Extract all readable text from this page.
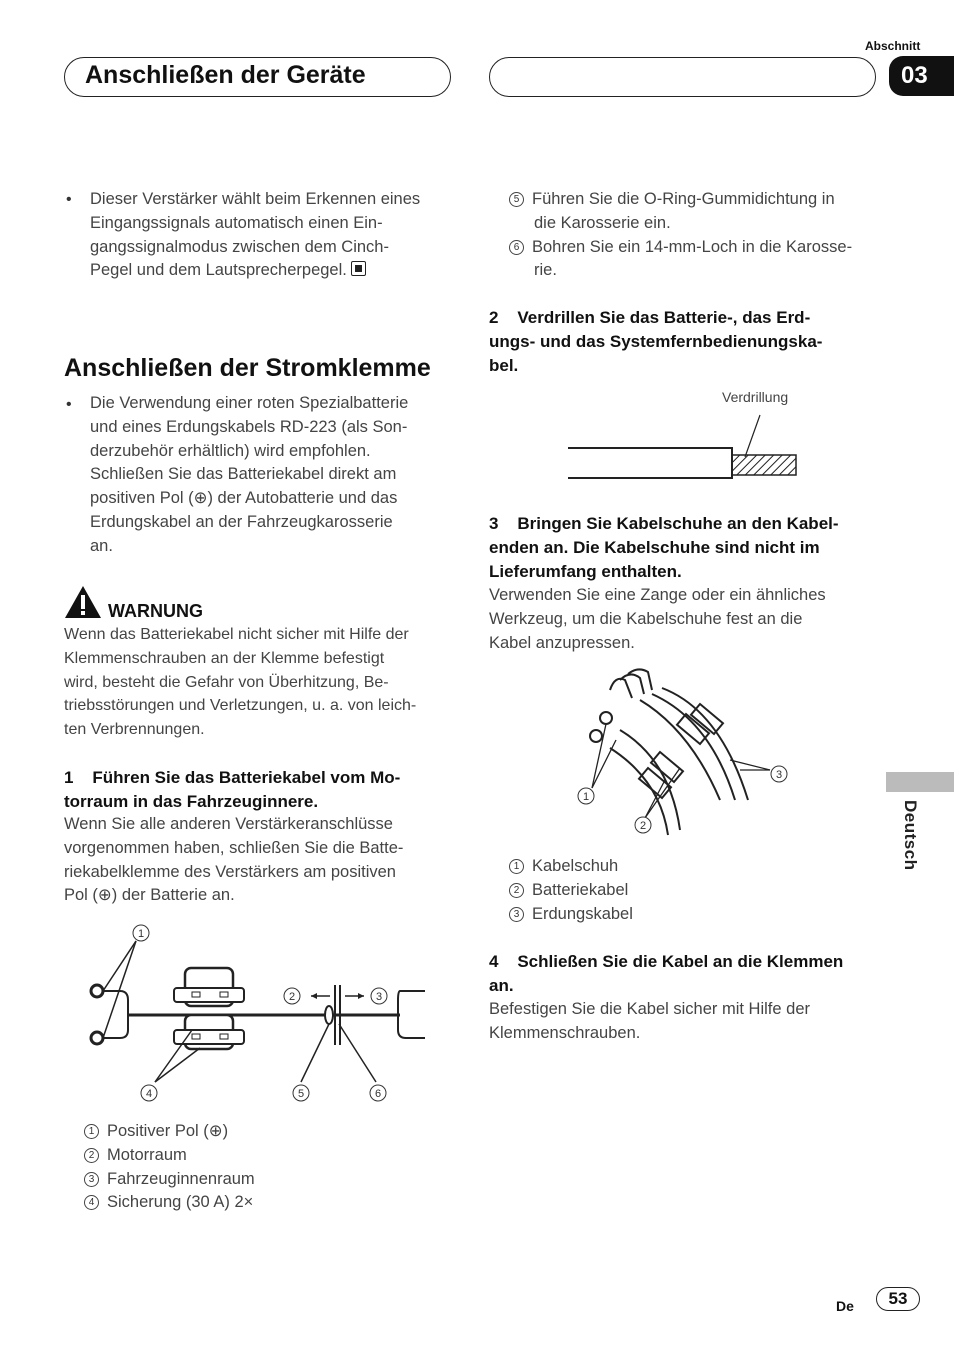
Anschließen der Geräte
Abschnitt
03
• Dieser Verstärker wählt beim Erkennen eines
Eingangssignals automatisch einen Ein-
gangssignalmodus zwischen dem Cinch-
Pegel und dem Lautsprecherpegel.
Anschließen der Stromklemme
• Die Verwendung einer roten Spezialbatterie
und eines Erdungskabels RD-223 (als Son-
derzubehör erhältlich) wird empfohlen.
Schließen Sie das Batteriekabel direkt am
positiven Pol (⊕) der Autobatterie und das
Erdungskabel an der Fahrzeugkarosserie
an.
WARNUNG
Wenn das Batteriekabel nicht sicher mit Hilfe der
Klemmenschrauben an der Klemme befestigt
wird, besteht die Gefahr von Überhitzung, Be-
triebsstörungen und Verletzungen, u. a. von leich-
ten Verbrennungen.
1    Führen Sie das Batteriekabel vom Mo-
torraum in das Fahrzeuginnere.
Wenn Sie alle anderen Verstärkeranschlüsse
vorgenommen haben, schließen Sie die Batte-
riekabelklemme des Verstärkers am positiven
Pol (⊕) der Batterie an.
1
2	3
4	5	6
1 Positiver Pol (⊕)
2 Motorraum
3 Fahrzeuginnenraum
4 Sicherung (30 A) 2×
5 Führen Sie die O-Ring-Gummidichtung in
die Karosserie ein.
6 Bohren Sie ein 14-mm-Loch in die Karosse-
rie.
2    Verdrillen Sie das Batterie-, das Erd-
ungs- und das Systemfernbedienungska-
bel.
Verdrillung
3    Bringen Sie Kabelschuhe an den Kabel-
enden an. Die Kabelschuhe sind nicht im
Lieferumfang enthalten.
Verwenden Sie eine Zange oder ein ähnliches
Werkzeug, um die Kabelschuhe fest an die
Kabel anzupressen.
1
2
3
1 Kabelschuh
2 Batteriekabel
3 Erdungskabel
4    Schließen Sie die Kabel an die Klemmen
an.
Befestigen Sie die Kabel sicher mit Hilfe der
Klemmenschrauben.
Deutsch
De	53
